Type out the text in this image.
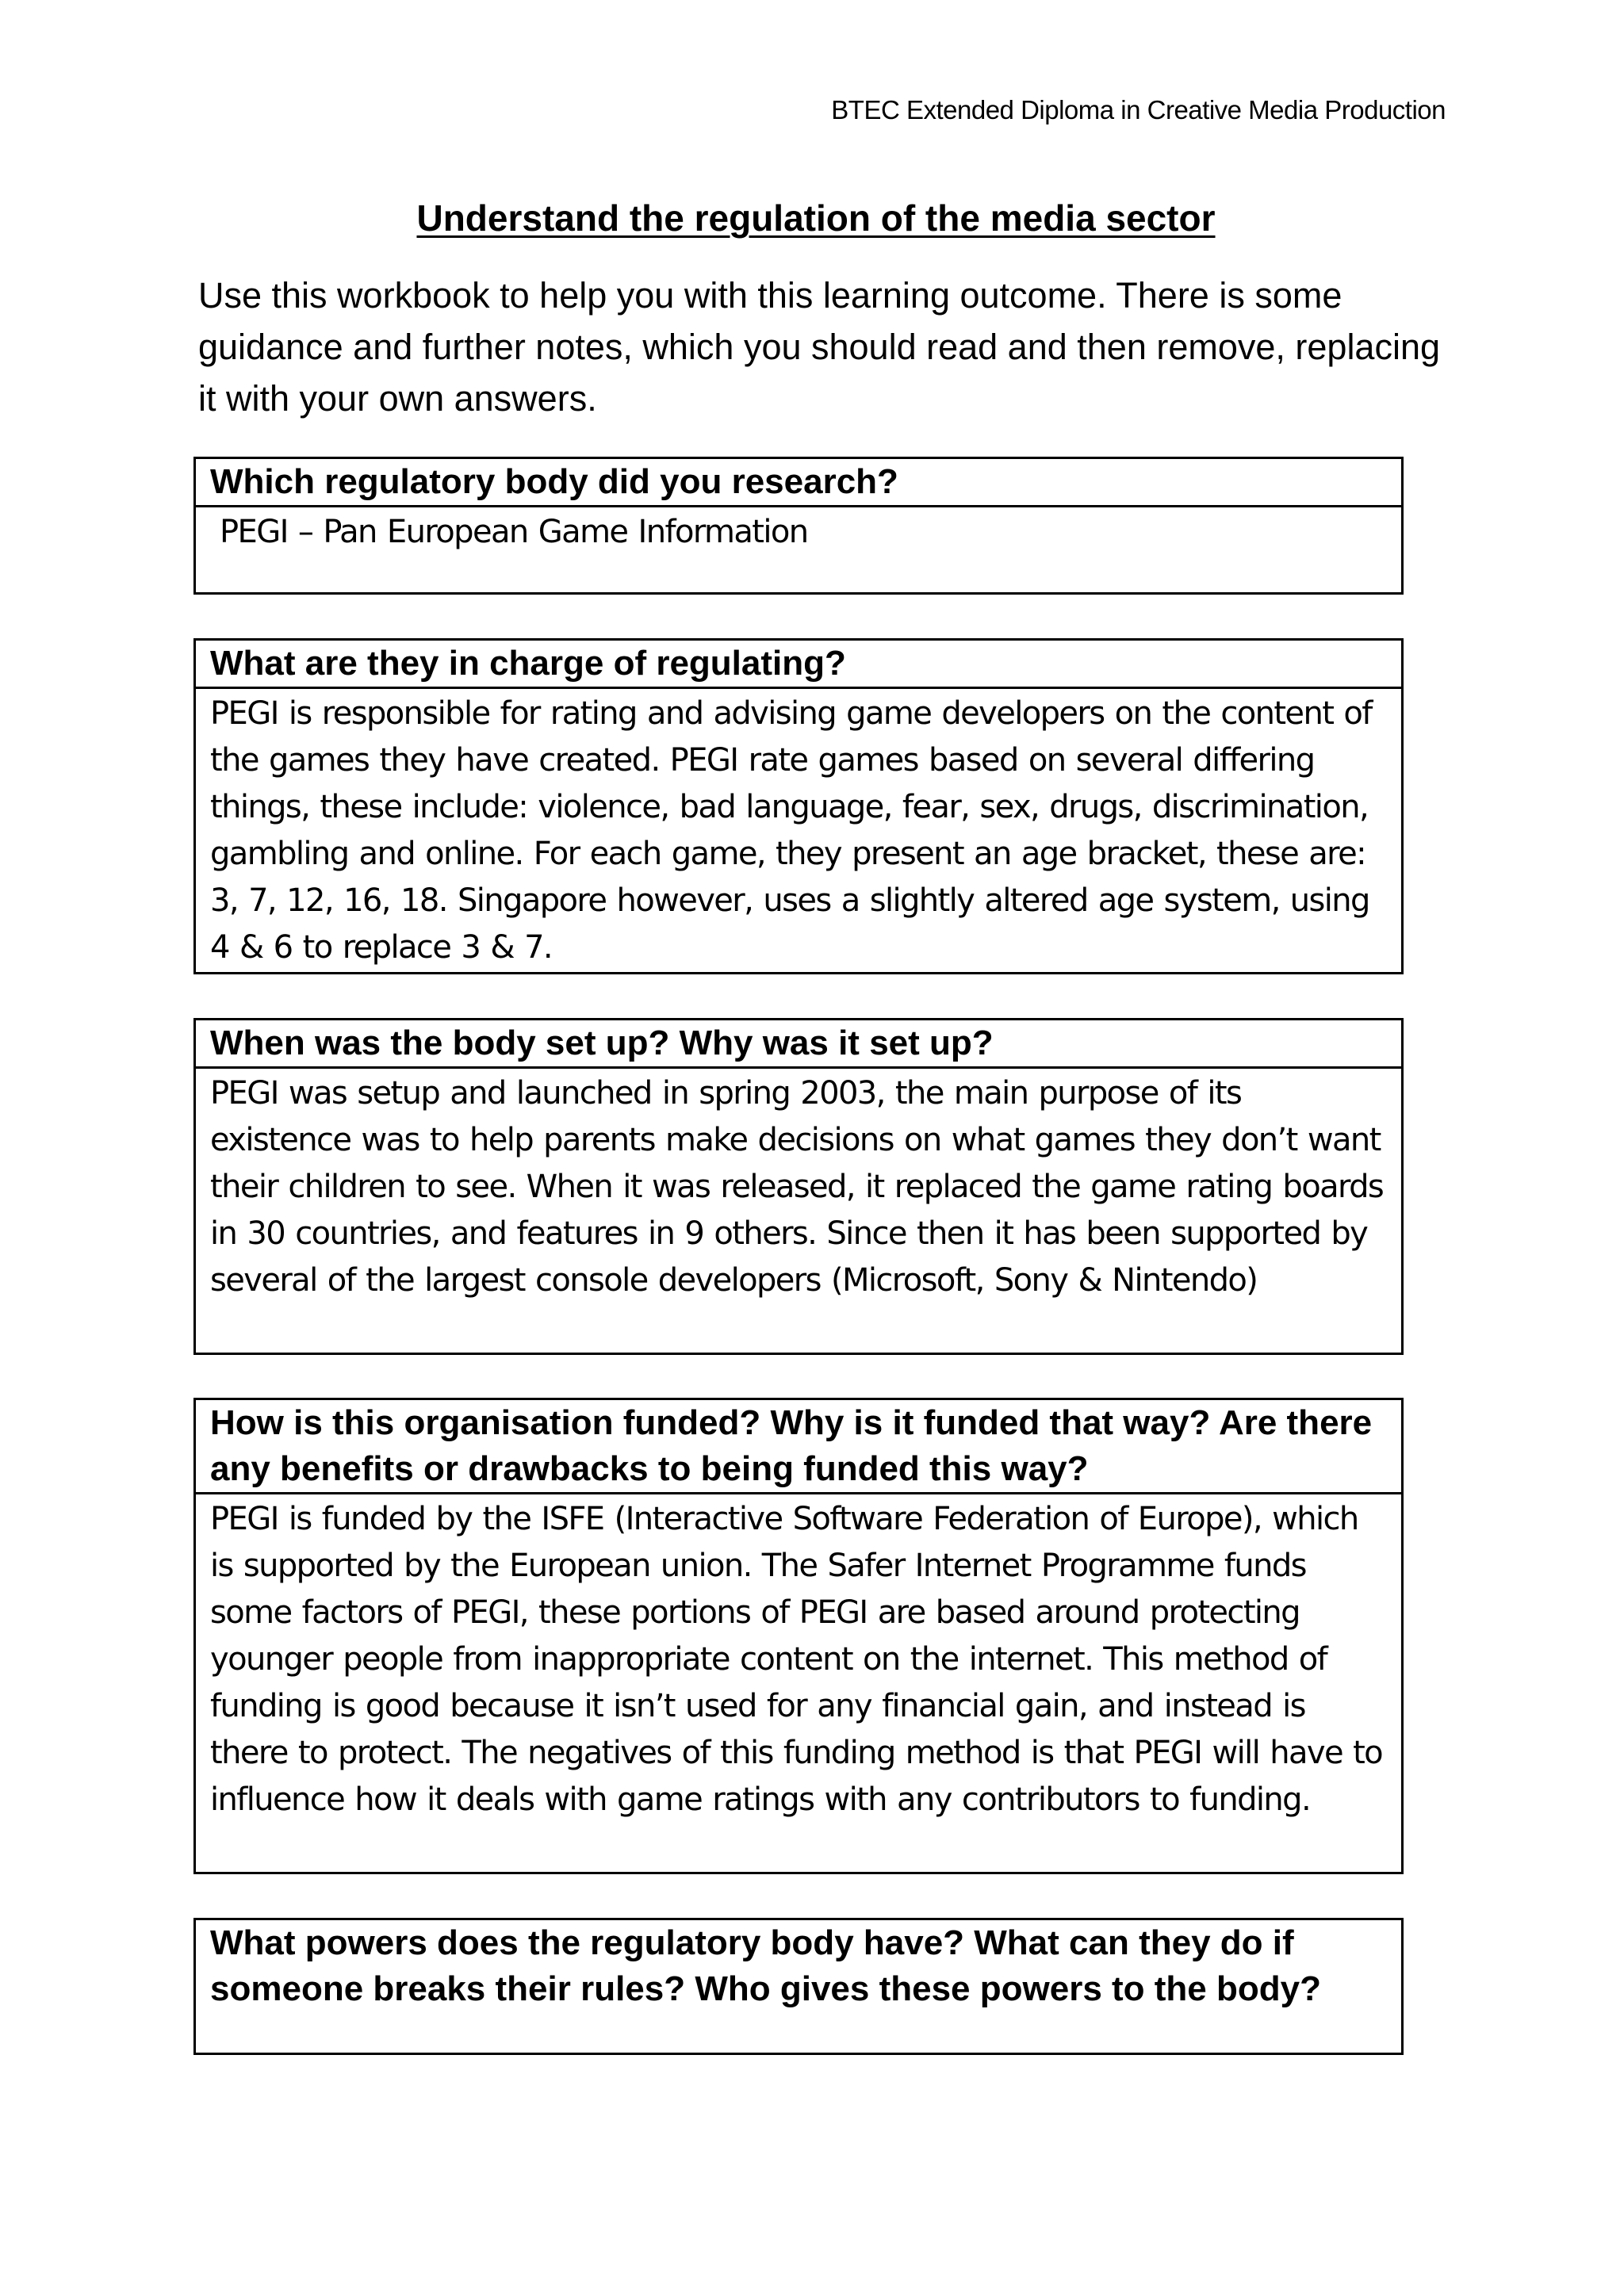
BTEC Extended Diploma in Creative Media Production
Understand the regulation of the media sector
Use this workbook to help you with this learning outcome. There is some guidance and further notes, which you should read and then remove, replacing it with your own answers.
Which regulatory body did you research?
PEGI – Pan European Game Information
What are they in charge of regulating?
PEGI is responsible for rating and advising game developers on the content of the games they have created. PEGI rate games based on several differing things, these include: violence, bad language, fear, sex, drugs, discrimination, gambling and online. For each game, they present an age bracket, these are: 3, 7, 12, 16, 18. Singapore however, uses a slightly altered age system, using 4 & 6 to replace 3 & 7.
When was the body set up? Why was it set up?
PEGI was setup and launched in spring 2003, the main purpose of its existence was to help parents make decisions on what games they don’t want their children to see. When it was released, it replaced the game rating boards in 30 countries, and features in 9 others. Since then it has been supported by several of the largest console developers (Microsoft, Sony & Nintendo)
How is this organisation funded? Why is it funded that way? Are there any benefits or drawbacks to being funded this way?
PEGI is funded by the ISFE (Interactive Software Federation of Europe), which is supported by the European union. The Safer Internet Programme funds some factors of PEGI, these portions of PEGI are based around protecting younger people from inappropriate content on the internet. This method of funding is good because it isn’t used for any financial gain, and instead is there to protect. The negatives of this funding method is that PEGI will have to influence how it deals with game ratings with any contributors to funding.
What powers does the regulatory body have? What can they do if someone breaks their rules? Who gives these powers to the body?
